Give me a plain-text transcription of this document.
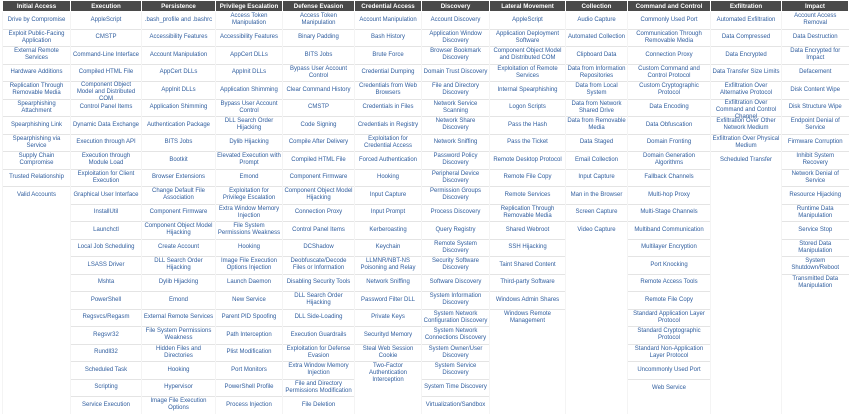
Initial Access	Execution	Persistence	Privilege Escalation	Defense Evasion	Credential Access	Discovery	Lateral Movement	Collection	Command and Control	Exfiltration	Impact

Drive by Compromise	AppleScript	.bash_profile and .bashrc	Access Token Manipulation	Access Token Manipulation	Account Manipulation	Account Discovery	AppleScript	Audio Capture	Commonly Used Port	Automated Exfiltration	Account Access Removal

Exploit Public-Facing Application	CMSTP	Accessibility Features	Accessibility Features	Binary Padding	Bash History	Application Window Discovery	Application Deployment Software	Automated Collection	Communication Through Removable Media	Data Compressed	Data Destruction

External Remote Services	Command-Line Interface	Account Manipulation	AppCert DLLs	BITS Jobs	Brute Force	Browser Bookmark Discovery	Component Object Model and Distributed COM	Clipboard Data	Connection Proxy	Data Encrypted	Data Encrypted for Impact

Hardware Additions	Compiled HTML File	AppCert DLLs	AppInit DLLs	Bypass User Account Control	Credential Dumping	Domain Trust Discovery	Exploitation of Remote Services	Data from Information Repositories	Custom Command and Control Protocol	Data Transfer Size Limits	Defacement

Replication Through Removable Media	Component Object Model and Distributed COM	AppInit DLLs	Application Shimming	Clear Command History	Credentials from Web Browsers	File and Directory Discovery	Internal Spearphishing	Data from Local System	Custom Cryptographic Protocol	Exfiltration Over Alternative Protocol	Disk Content Wipe

Spearphishing Attachment	Control Panel Items	Application Shimming	Bypass User Account Control	CMSTP	Credentials in Files	Network Service Scanning	Logon Scripts	Data from Network Shared Drive	Data Encoding	Exfiltration Over Command and Control Channel	Disk Structure Wipe

Spearphishing Link	Dynamic Data Exchange	Authentication Package	DLL Search Order Hijacking	Code Signing	Credentials in Registry	Network Share Discovery	Pass the Hash	Data from Removable Media	Data Obfuscation	Exfiltration Over Other Network Medium	Endpoint Denial of Service

Spearphishing via Service	Execution through API	BITS Jobs	Dylib Hijacking	Compile After Delivery	Exploitation for Credential Access	Network Sniffing	Pass the Ticket	Data Staged	Domain Fronting	Exfiltration Over Physical Medium	Firmware Corruption

Supply Chain Compromise	Execution through Module Load	Bootkit	Elevated Execution with Prompt	Compiled HTML File	Forced Authentication	Password Policy Discovery	Remote Desktop Protocol	Email Collection	Domain Generation Algorithms	Scheduled Transfer	Inhibit System Recovery

Trusted Relationship	Exploitation for Client Execution	Browser Extensions	Emond	Component Firmware	Hooking	Peripheral Device Discovery	Remote File Copy	Input Capture	Fallback Channels		Network Denial of Service

Valid Accounts	Graphical User Interface	Change Default File Association	Exploitation for Privilege Escalation	Component Object Model Hijacking	Input Capture	Permission Groups Discovery	Remote Services	Man in the Browser	Multi-hop Proxy		Resource Hijacking

	InstallUtil	Component Firmware	Extra Window Memory Injection	Connection Proxy	Input Prompt	Process Discovery	Replication Through Removable Media	Screen Capture	Multi-Stage Channels		Runtime Data Manipulation

	Launchctl	Component Object Model Hijacking	File System Permissions Weakness	Control Panel Items	Kerberoasting	Query Registry	Shared Webroot	Video Capture	Multiband Communication		Service Stop

	Local Job Scheduling	Create Account	Hooking	DCShadow	Keychain	Remote System Discovery	SSH Hijacking		Multilayer Encryption		Stored Data Manipulation

	LSASS Driver	DLL Search Order Hijacking	Image File Execution Options Injection	Deobfuscate/Decode Files or Information	LLMNR/NBT-NS Poisoning and Relay	Security Software Discovery	Taint Shared Content		Port Knocking		System Shutdown/Reboot

	Mshta	Dylib Hijacking	Launch Daemon	Disabling Security Tools	Network Sniffing	Software Discovery	Third-party Software		Remote Access Tools		Transmitted Data Manipulation

	PowerShell	Emond	New Service	DLL Search Order Hijacking	Password Filter DLL	System Information Discovery	Windows Admin Shares		Remote File Copy		

	Regsvcs/Regasm	External Remote Services	Parent PID Spoofing	DLL Side-Loading	Private Keys	System Network Configuration Discovery	Windows Remote Management		Standard Application Layer Protocol		

	Regsvr32	File System Permissions Weakness	Path Interception	Execution Guardrails	Securityd Memory	System Network Connections Discovery			Standard Cryptographic Protocol		

	Rundll32	Hidden Files and Directories	Plist Modification	Exploitation for Defense Evasion	Steal Web Session Cookie	System Owner/User Discovery			Standard Non-Application Layer Protocol		

	Scheduled Task	Hooking	Port Monitors	Extra Window Memory Injection	Two-Factor Authentication Interception	System Service Discovery			Uncommonly Used Port		

	Scripting	Hypervisor	PowerShell Profile	File and Directory Permissions Modification		System Time Discovery			Web Service		

	Service Execution	Image File Execution Options	Process Injection	File Deletion		Virtualization/Sandbox					
